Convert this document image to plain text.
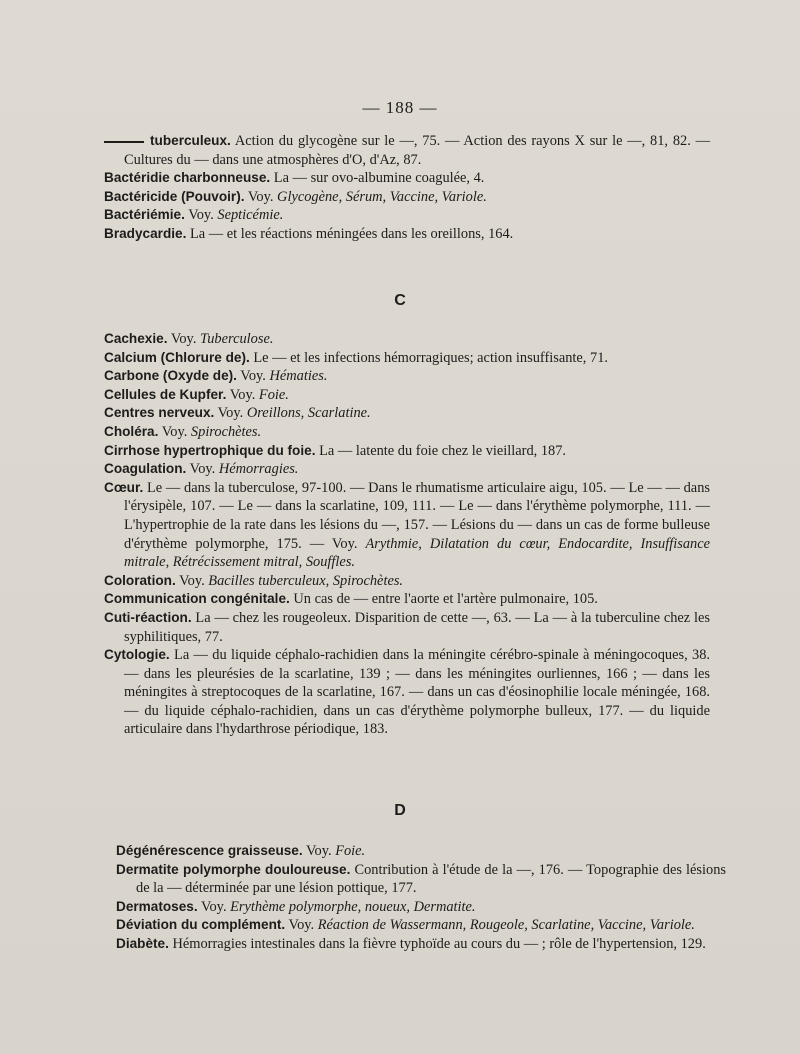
— 188 —
tuberculeux. Action du glycogène sur le —, 75. — Action des rayons X sur le —, 81, 82. — Cultures du — dans une atmosphères d'O, d'Az, 87.
Bactéridie charbonneuse. La — sur ovo-albumine coagulée, 4.
Bactéricide (Pouvoir). Voy. Glycogène, Sérum, Vaccine, Variole.
Bactériémie. Voy. Septicémie.
Bradycardie. La — et les réactions méningées dans les oreillons, 164.
C
Cachexie. Voy. Tuberculose.
Calcium (Chlorure de). Le — et les infections hémorragiques; action insuffisante, 71.
Carbone (Oxyde de). Voy. Hématies.
Cellules de Kupfer. Voy. Foie.
Centres nerveux. Voy. Oreillons, Scarlatine.
Choléra. Voy. Spirochètes.
Cirrhose hypertrophique du foie. La — latente du foie chez le vieillard, 187.
Coagulation. Voy. Hémorragies.
Cœur. Le — dans la tuberculose, 97-100. — Dans le rhumatisme articulaire aigu, 105. — Le — — dans l'érysipèle, 107. — Le — dans la scarlatine, 109, 111. — Le — dans l'érythème polymorphe, 111. — L'hypertrophie de la rate dans les lésions du —, 157. — Lésions du — dans un cas de forme bulleuse d'érythème polymorphe, 175. — Voy. Arythmie, Dilatation du cœur, Endocardite, Insuffisance mitrale, Rétrécissement mitral, Souffles.
Coloration. Voy. Bacilles tuberculeux, Spirochètes.
Communication congénitale. Un cas de — entre l'aorte et l'artère pulmonaire, 105.
Cuti-réaction. La — chez les rougeoleux. Disparition de cette —, 63. — La — à la tuberculine chez les syphilitiques, 77.
Cytologie. La — du liquide céphalo-rachidien dans la méningite cérébro-spinale à méningocoques, 38. — dans les pleurésies de la scarlatine, 139 ; — dans les méningites ourliennes, 166 ; — dans les méningites à streptocoques de la scarlatine, 167. — dans un cas d'éosinophilie locale méningée, 168. — du liquide céphalo-rachidien, dans un cas d'érythème polymorphe bulleux, 177. — du liquide articulaire dans l'hydarthrose périodique, 183.
D
Dégénérescence graisseuse. Voy. Foie.
Dermatite polymorphe douloureuse. Contribution à l'étude de la —, 176. — Topographie des lésions de la — déterminée par une lésion pottique, 177.
Dermatoses. Voy. Erythème polymorphe, noueux, Dermatite.
Déviation du complément. Voy. Réaction de Wassermann, Rougeole, Scarlatine, Vaccine, Variole.
Diabète. Hémorragies intestinales dans la fièvre typhoïde au cours du — ; rôle de l'hypertension, 129.
